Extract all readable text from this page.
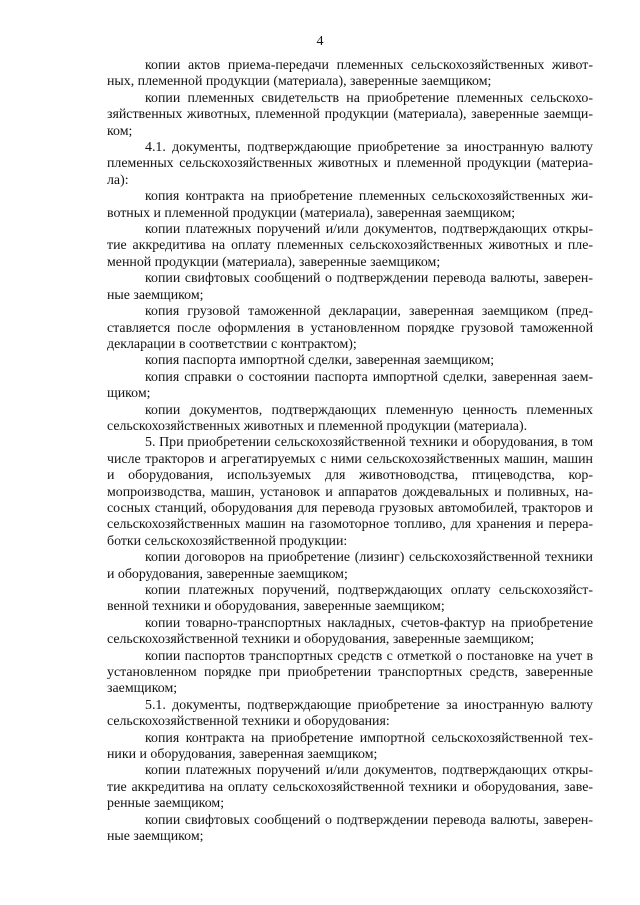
4

копии актов приема-передачи племенных сельскохозяйственных живот-ных, племенной продукции (материала), заверенные заемщиком;

копии племенных свидетельств на приобретение племенных сельскохо-зяйственных животных, племенной продукции (материала), заверенные заемщи-ком;

4.1. документы, подтверждающие приобретение за иностранную валюту племенных сельскохозяйственных животных и племенной продукции (материа-ла):

копия контракта на приобретение племенных сельскохозяйственных жи-вотных и племенной продукции (материала), заверенная заемщиком;

копии платежных поручений и/или документов, подтверждающих откры-тие аккредитива на оплату племенных сельскохозяйственных животных и пле-менной продукции (материала), заверенные заемщиком;

копии свифтовых сообщений о подтверждении перевода валюты, заверен-ные заемщиком;

копия грузовой таможенной декларации, заверенная заемщиком (пред-ставляется после оформления в установленном порядке грузовой таможенной декларации в соответствии с контрактом);

копия паспорта импортной сделки, заверенная заемщиком;

копия справки о состоянии паспорта импортной сделки, заверенная заем-щиком;

копии документов, подтверждающих племенную ценность племенных сельскохозяйственных животных и племенной продукции (материала).

5. При приобретении сельскохозяйственной техники и оборудования, в том числе тракторов и агрегатируемых с ними сельскохозяйственных машин, машин и оборудования, используемых для животноводства, птицеводства, кор-мопроизводства, машин, установок и аппаратов дождевальных и поливных, на-сосных станций, оборудования для перевода грузовых автомобилей, тракторов и сельскохозяйственных машин на газомоторное топливо, для хранения и перера-ботки сельскохозяйственной продукции:

копии договоров на приобретение (лизинг) сельскохозяйственной техники и оборудования, заверенные заемщиком;

копии платежных поручений, подтверждающих оплату сельскохозяйст-венной техники и оборудования, заверенные заемщиком;

копии товарно-транспортных накладных, счетов-фактур на приобретение сельскохозяйственной техники и оборудования, заверенные заемщиком;

копии паспортов транспортных средств с отметкой о постановке на учет в установленном порядке при приобретении транспортных средств, заверенные заемщиком;

5.1. документы, подтверждающие приобретение за иностранную валюту сельскохозяйственной техники и оборудования:

копия контракта на приобретение импортной сельскохозяйственной тех-ники и оборудования, заверенная заемщиком;

копии платежных поручений и/или документов, подтверждающих откры-тие аккредитива на оплату сельскохозяйственной техники и оборудования, заве-ренные заемщиком;

копии свифтовых сообщений о подтверждении перевода валюты, заверен-ные заемщиком;
